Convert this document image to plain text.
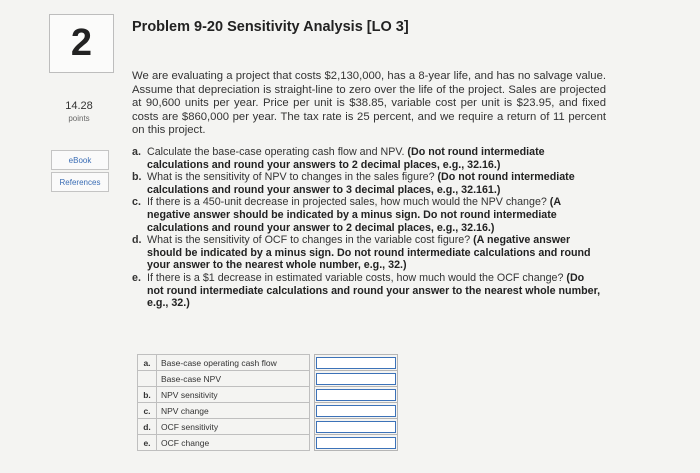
2
14.28
points
eBook
References
Problem 9-20 Sensitivity Analysis [LO 3]
We are evaluating a project that costs $2,130,000, has a 8-year life, and has no salvage value. Assume that depreciation is straight-line to zero over the life of the project. Sales are projected at 90,600 units per year. Price per unit is $38.85, variable cost per unit is $23.95, and fixed costs are $860,000 per year. The tax rate is 25 percent, and we require a return of 11 percent on this project.
a. Calculate the base-case operating cash flow and NPV. (Do not round intermediate calculations and round your answers to 2 decimal places, e.g., 32.16.)
b. What is the sensitivity of NPV to changes in the sales figure? (Do not round intermediate calculations and round your answer to 3 decimal places, e.g., 32.161.)
c. If there is a 450-unit decrease in projected sales, how much would the NPV change? (A negative answer should be indicated by a minus sign. Do not round intermediate calculations and round your answer to 2 decimal places, e.g., 32.16.)
d. What is the sensitivity of OCF to changes in the variable cost figure? (A negative answer should be indicated by a minus sign. Do not round intermediate calculations and round your answer to the nearest whole number, e.g., 32.)
e. If there is a $1 decrease in estimated variable costs, how much would the OCF change? (Do not round intermediate calculations and round your answer to the nearest whole number, e.g., 32.)
a.	Base-case operating cash flow		
	Base-case NPV		
b.	NPV sensitivity		
c.	NPV change		
d.	OCF sensitivity		
e.	OCF change		
